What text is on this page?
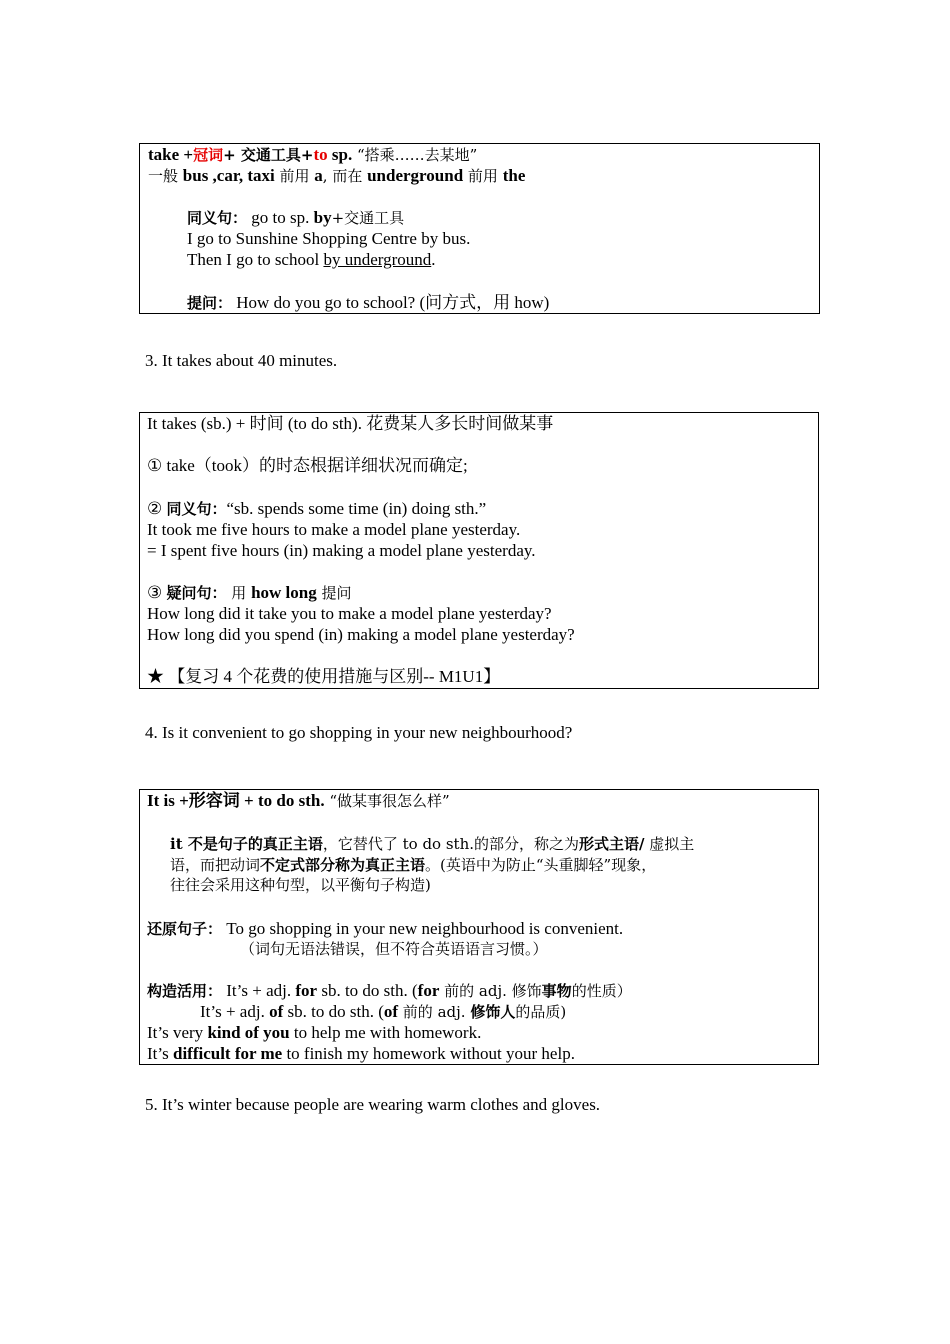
take +冠词+ 交通工具+to sp. “搭乘……去某地”
一般 bus ,car, taxi 前用 a, 而在 underground 前用 the
同义句： go to sp. by+交通工具
I go to Sunshine Shopping Centre by bus.
Then I go to school by underground.
提问： How do you go to school? (问方式，用 how)
3. It takes about 40 minutes.
It takes (sb.) + 时间 (to do sth). 花费某人多长时间做某事
① take（took）的时态根据详细状况而确定;
② 同义句：“sb. spends some time (in) doing sth.”
It took me five hours to make a model plane yesterday.
= I spent five hours (in) making a model plane yesterday.
③ 疑问句： 用 how long 提问
How long did it take you to make a model plane yesterday?
How long did you spend (in) making a model plane yesterday?
★ 【复习 4 个花费的使用措施与区别-- M1U1】
4. Is it convenient to go shopping in your new neighbourhood?
It is +形容词 + to do sth. “做某事很怎么样”
it 不是句子的真正主语，它替代了 to do sth.的部分，称之为形式主语/ 虚拟主
语，而把动词不定式部分称为真正主语。(英语中为防止“头重脚轻”现象，
往往会采用这种句型，以平衡句子构造)
还原句子： To go shopping in your new neighbourhood is convenient.
（词句无语法错误，但不符合英语语言习惯。）
构造活用： It’s + adj. for sb. to do sth. (for 前的 adj. 修饰事物的性质）
It’s + adj. of sb. to do sth. (of 前的 adj. 修饰人的品质)
It’s very kind of you to help me with homework.
It’s difficult for me to finish my homework without your help.
5. It’s winter because people are wearing warm clothes and gloves.
